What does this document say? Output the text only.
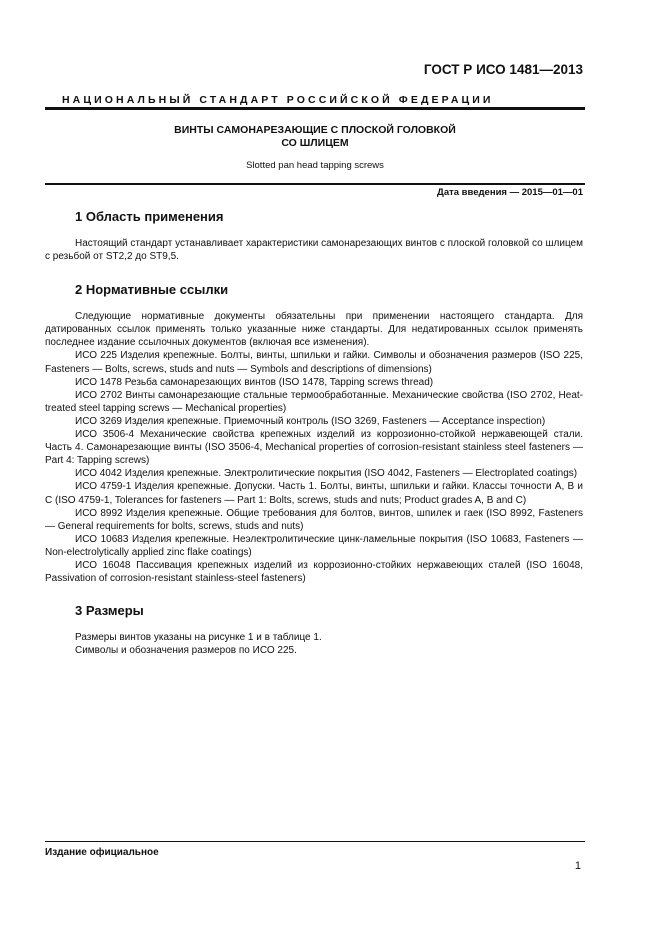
ГОСТ Р ИСО 1481—2013
НАЦИОНАЛЬНЫЙ СТАНДАРТ РОССИЙСКОЙ ФЕДЕРАЦИИ
ВИНТЫ САМОНАРЕЗАЮЩИЕ С ПЛОСКОЙ ГОЛОВКОЙ
СО ШЛИЦЕМ
Slotted pan head tapping screws
Дата введения — 2015—01—01
1 Область применения

Настоящий стандарт устанавливает характеристики самонарезающих винтов с плоской головкой со шлицем с резьбой от ST2,2 до ST9,5.

2 Нормативные ссылки

Следующие нормативные документы обязательны при применении настоящего стандарта. Для датированных ссылок применять только указанные ниже стандарты. Для недатированных ссылок применять последнее издание ссылочных документов (включая все изменения).

ИСО 225 Изделия крепежные. Болты, винты, шпильки и гайки. Символы и обозначения размеров (ISO 225, Fasteners — Bolts, screws, studs and nuts — Symbols and descriptions of dimensions)

ИСО 1478 Резьба самонарезающих винтов (ISO 1478, Tapping screws thread)

ИСО 2702 Винты самонарезающие стальные термообработанные. Механические свойства (ISO 2702, Heat-treated steel tapping screws — Mechanical properties)

ИСО 3269 Изделия крепежные. Приемочный контроль (ISO 3269, Fasteners — Acceptance inspection)

ИСО 3506-4 Механические свойства крепежных изделий из коррозионно-стойкой нержавеющей стали. Часть 4. Самонарезающие винты (ISO 3506-4, Mechanical properties of corrosion-resistant stainless steel fasteners — Part 4: Tapping screws)

ИСО 4042 Изделия крепежные. Электролитические покрытия (ISO 4042, Fasteners — Electroplated coatings)

ИСО 4759-1 Изделия крепежные. Допуски. Часть 1. Болты, винты, шпильки и гайки. Классы точности А, В и С (ISO 4759-1, Tolerances for fasteners — Part 1: Bolts, screws, studs and nuts; Product grades A, B and C)

ИСО 8992 Изделия крепежные. Общие требования для болтов, винтов, шпилек и гаек (ISO 8992, Fasteners — General requirements for bolts, screws, studs and nuts)

ИСО 10683 Изделия крепежные. Неэлектролитические цинк-ламельные покрытия (ISO 10683, Fasteners — Non-electrolytically applied zinc flake coatings)

ИСО 16048 Пассивация крепежных изделий из коррозионно-стойких нержавеющих сталей (ISO 16048, Passivation of corrosion-resistant stainless-steel fasteners)

3 Размеры

Размеры винтов указаны на рисунке 1 и в таблице 1.

Символы и обозначения размеров по ИСО 225.

Издание официальное
1
